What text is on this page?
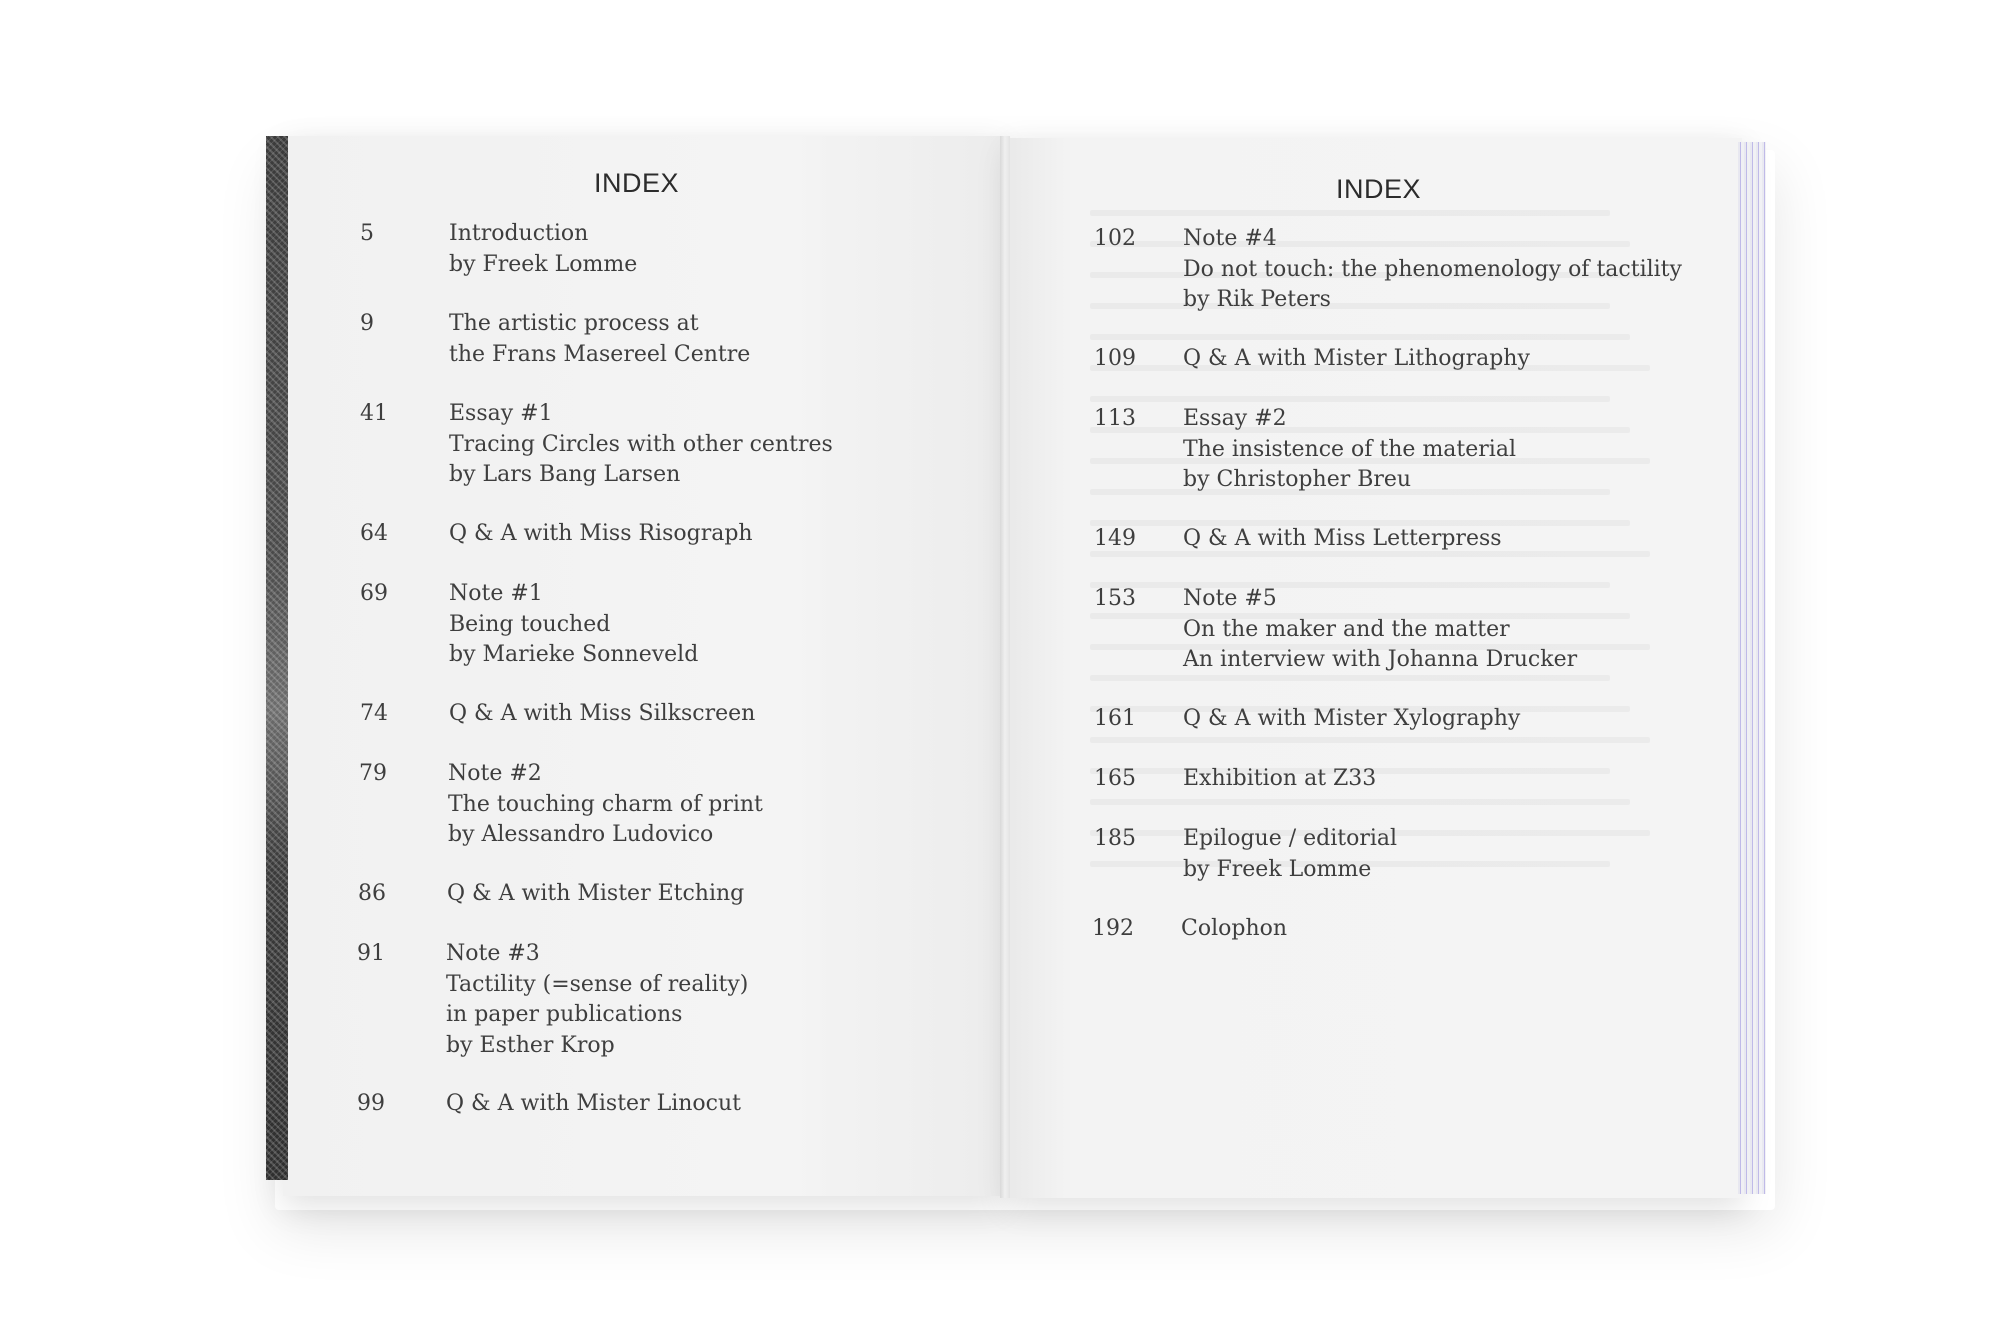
INDEX	INDEX
5	Introduction
by Freek Lomme
9	The artistic process at
the Frans Masereel Centre
41	Essay #1
Tracing Circles with other centres
by Lars Bang Larsen
64	Q & A with Miss Risograph
69	Note #1
Being touched
by Marieke Sonneveld
74	Q & A with Miss Silkscreen
79	Note #2
The touching charm of print
by Alessandro Ludovico
86	Q & A with Mister Etching
91	Note #3
Tactility (=sense of reality)
in paper publications
by Esther Krop
99	Q & A with Mister Linocut
102 Note #4
Do not touch: the phenomenology of tactility
by Rik Peters
109 Q & A with Mister Lithography
113 Essay #2
The insistence of the material
by Christopher Breu
149 Q & A with Miss Letterpress
153 Note #5
On the maker and the matter
An interview with Johanna Drucker
161 Q & A with Mister Xylography
165 Exhibition at Z33
185 Epilogue / editorial
by Freek Lomme
192 Colophon
